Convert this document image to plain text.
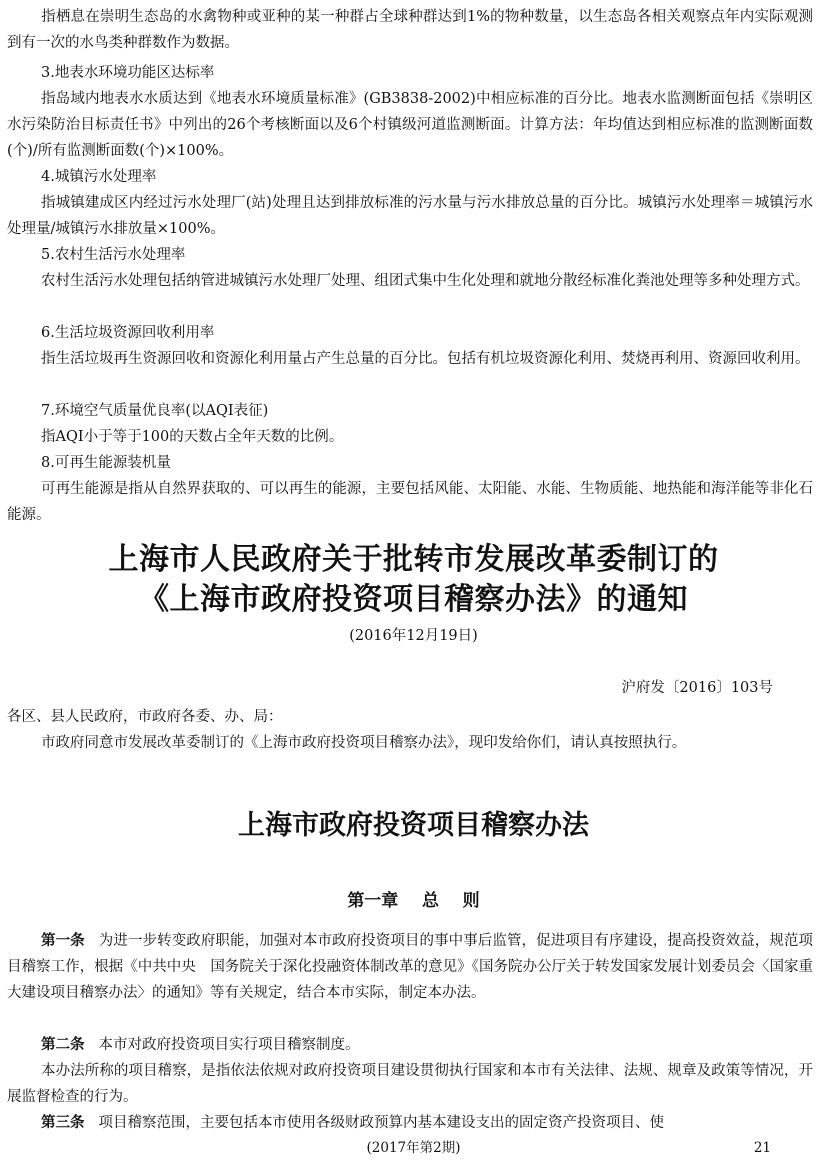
指栖息在崇明生态岛的水禽物种或亚种的某一种群占全球种群达到1%的物种数量，以生态岛各相关观察点年内实际观测到有一次的水鸟类种群数作为数据。

3.地表水环境功能区达标率

指岛域内地表水水质达到《地表水环境质量标准》(GB3838-2002)中相应标准的百分比。地表水监测断面包括《崇明区水污染防治目标责任书》中列出的26个考核断面以及6个村镇级河道监测断面。计算方法：年均值达到相应标准的监测断面数(个)/所有监测断面数(个)×100%。

4.城镇污水处理率

指城镇建成区内经过污水处理厂(站)处理且达到排放标准的污水量与污水排放总量的百分比。城镇污水处理率＝城镇污水处理量/城镇污水排放量×100%。

5.农村生活污水处理率

农村生活污水处理包括纳管进城镇污水处理厂处理、组团式集中生化处理和就地分散经标准化粪池处理等多种处理方式。

6.生活垃圾资源回收利用率

指生活垃圾再生资源回收和资源化利用量占产生总量的百分比。包括有机垃圾资源化利用、焚烧再利用、资源回收利用。

7.环境空气质量优良率(以AQI表征)

指AQI小于等于100的天数占全年天数的比例。

8.可再生能源装机量

可再生能源是指从自然界获取的、可以再生的能源，主要包括风能、太阳能、水能、生物质能、地热能和海洋能等非化石能源。

上海市人民政府关于批转市发展改革委制订的
《上海市政府投资项目稽察办法》的通知
(2016年12月19日)
沪府发〔2016〕103号
各区、县人民政府，市政府各委、办、局：

市政府同意市发展改革委制订的《上海市政府投资项目稽察办法》，现印发给你们，请认真按照执行。

上海市政府投资项目稽察办法
第一章    总    则

第一条 为进一步转变政府职能，加强对本市政府投资项目的事中事后监管，促进项目有序建设，提高投资效益，规范项目稽察工作，根据《中共中央　国务院关于深化投融资体制改革的意见》《国务院办公厅关于转发国家发展计划委员会〈国家重大建设项目稽察办法〉的通知》等有关规定，结合本市实际，制定本办法。

第二条 本市对政府投资项目实行项目稽察制度。

本办法所称的项目稽察，是指依法依规对政府投资项目建设贯彻执行国家和本市有关法律、法规、规章及政策等情况，开展监督检查的行为。

第三条 项目稽察范围，主要包括本市使用各级财政预算内基本建设支出的固定资产投资项目、使

(2017年第2期)	21
